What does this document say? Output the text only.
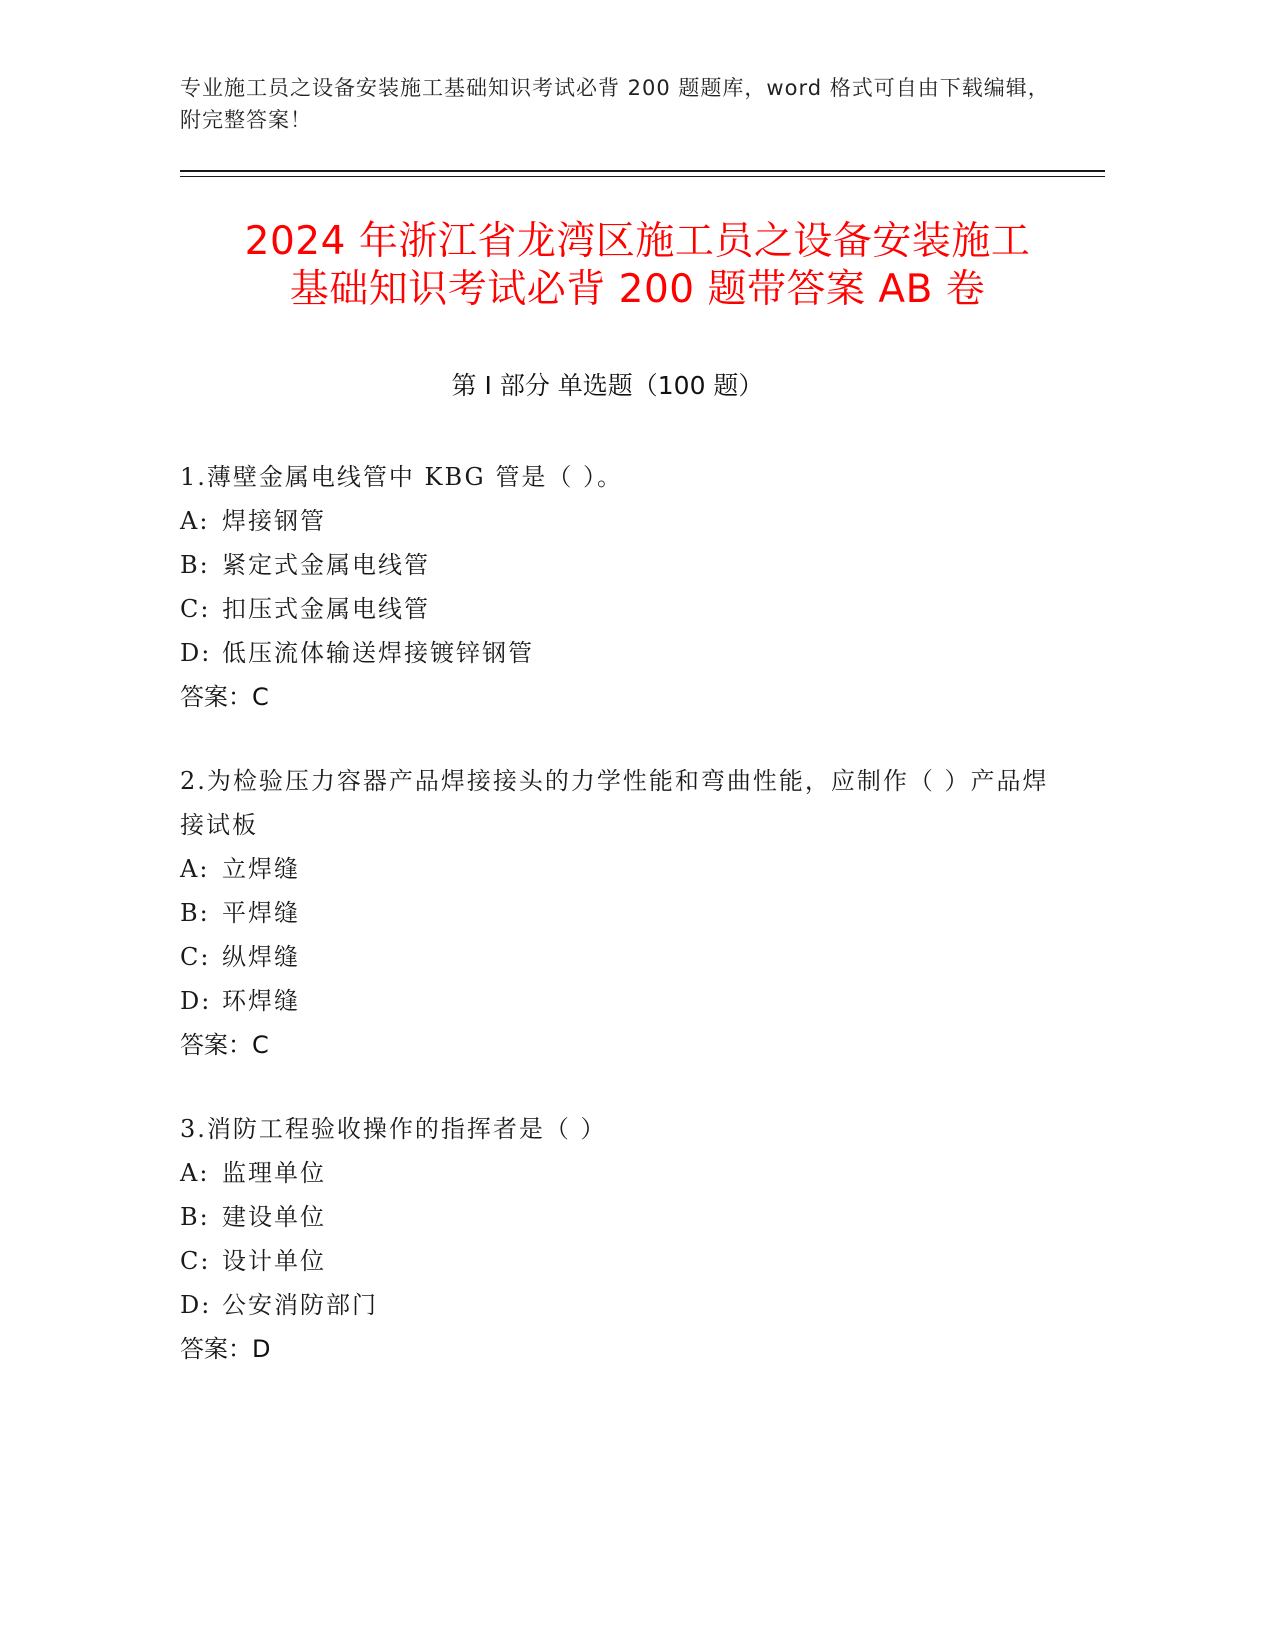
专业施工员之设备安装施工基础知识考试必背 200 题题库，word 格式可自由下载编辑，附完整答案！
2024 年浙江省龙湾区施工员之设备安装施工
基础知识考试必背 200 题带答案 AB 卷
第 I 部分 单选题（100 题）
1.薄壁金属电线管中 KBG 管是（ ）。
A: 焊接钢管
B: 紧定式金属电线管
C: 扣压式金属电线管
D: 低压流体输送焊接镀锌钢管
答案：C
2.为检验压力容器产品焊接接头的力学性能和弯曲性能，应制作（ ）产品焊接试板
A: 立焊缝
B: 平焊缝
C: 纵焊缝
D: 环焊缝
答案：C
3.消防工程验收操作的指挥者是（ ）
A: 监理单位
B: 建设单位
C: 设计单位
D: 公安消防部门
答案：D
